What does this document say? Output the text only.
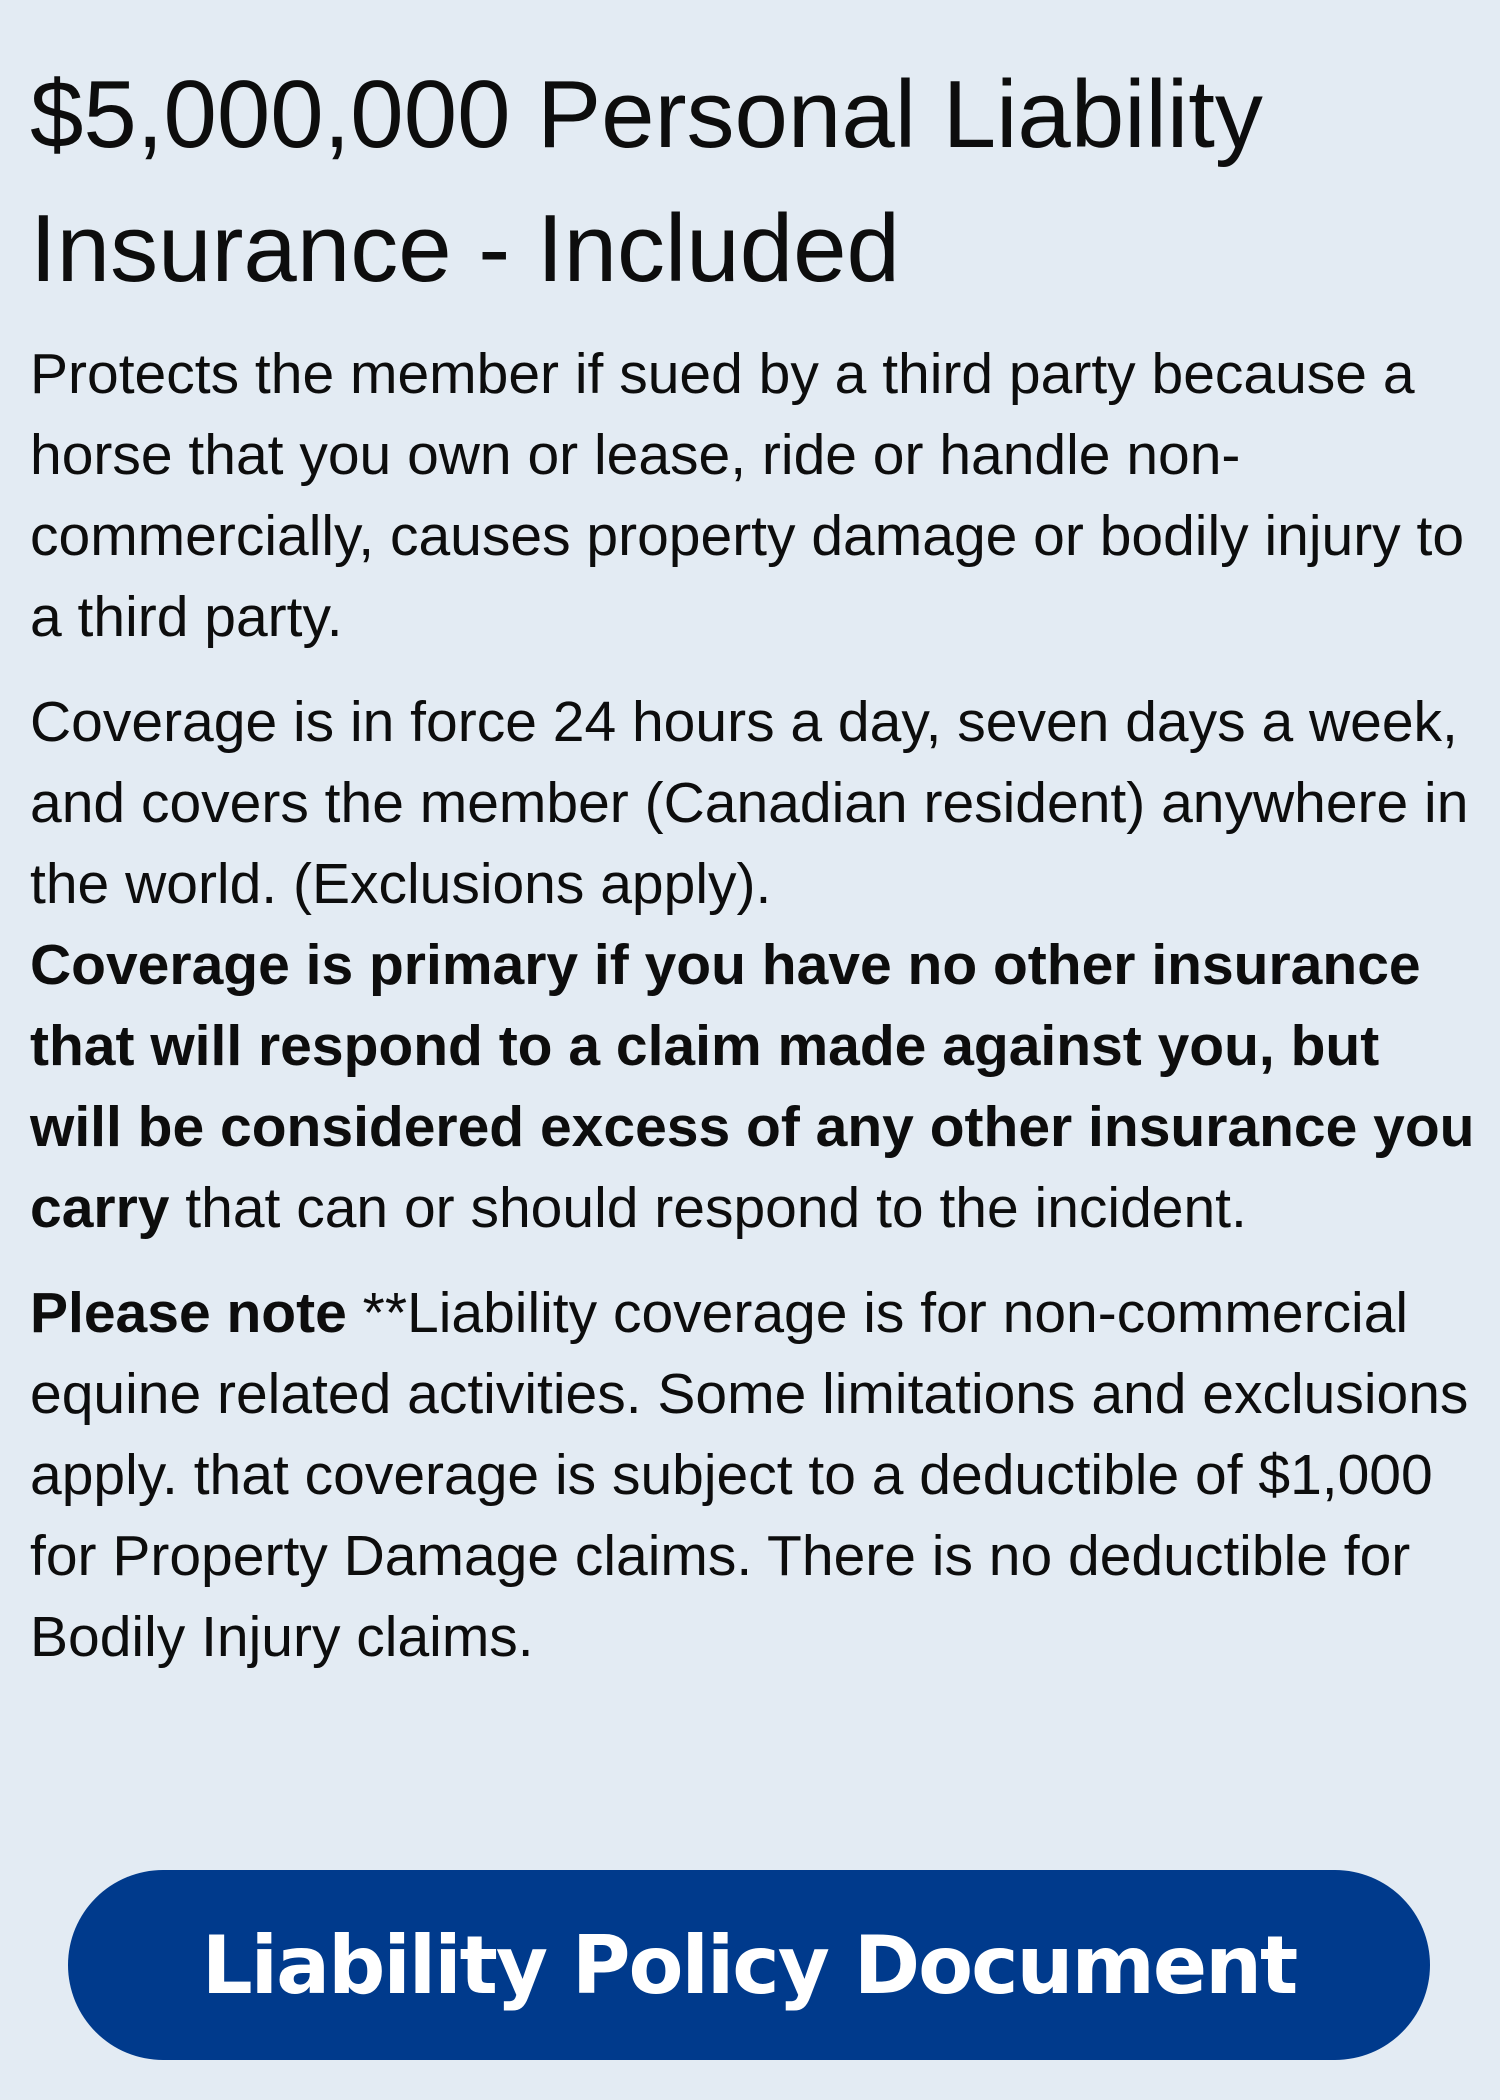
$5,000,000 Personal Liability Insurance - Included

Protects the member if sued by a third party because a horse that you own or lease, ride or handle non-commercially, causes property damage or bodily injury to a third party.

Coverage is in force 24 hours a day, seven days a week, and covers the member (Canadian resident) anywhere in the world. (Exclusions apply).

Coverage is primary if you have no other insurance that will respond to a claim made against you, but will be considered excess of any other insurance you carry that can or should respond to the incident.

Please note **Liability coverage is for non-commercial equine related activities. Some limitations and exclusions apply. that coverage is subject to a deductible of $1,000 for Property Damage claims. There is no deductible for Bodily Injury claims.

Liability Policy Document
